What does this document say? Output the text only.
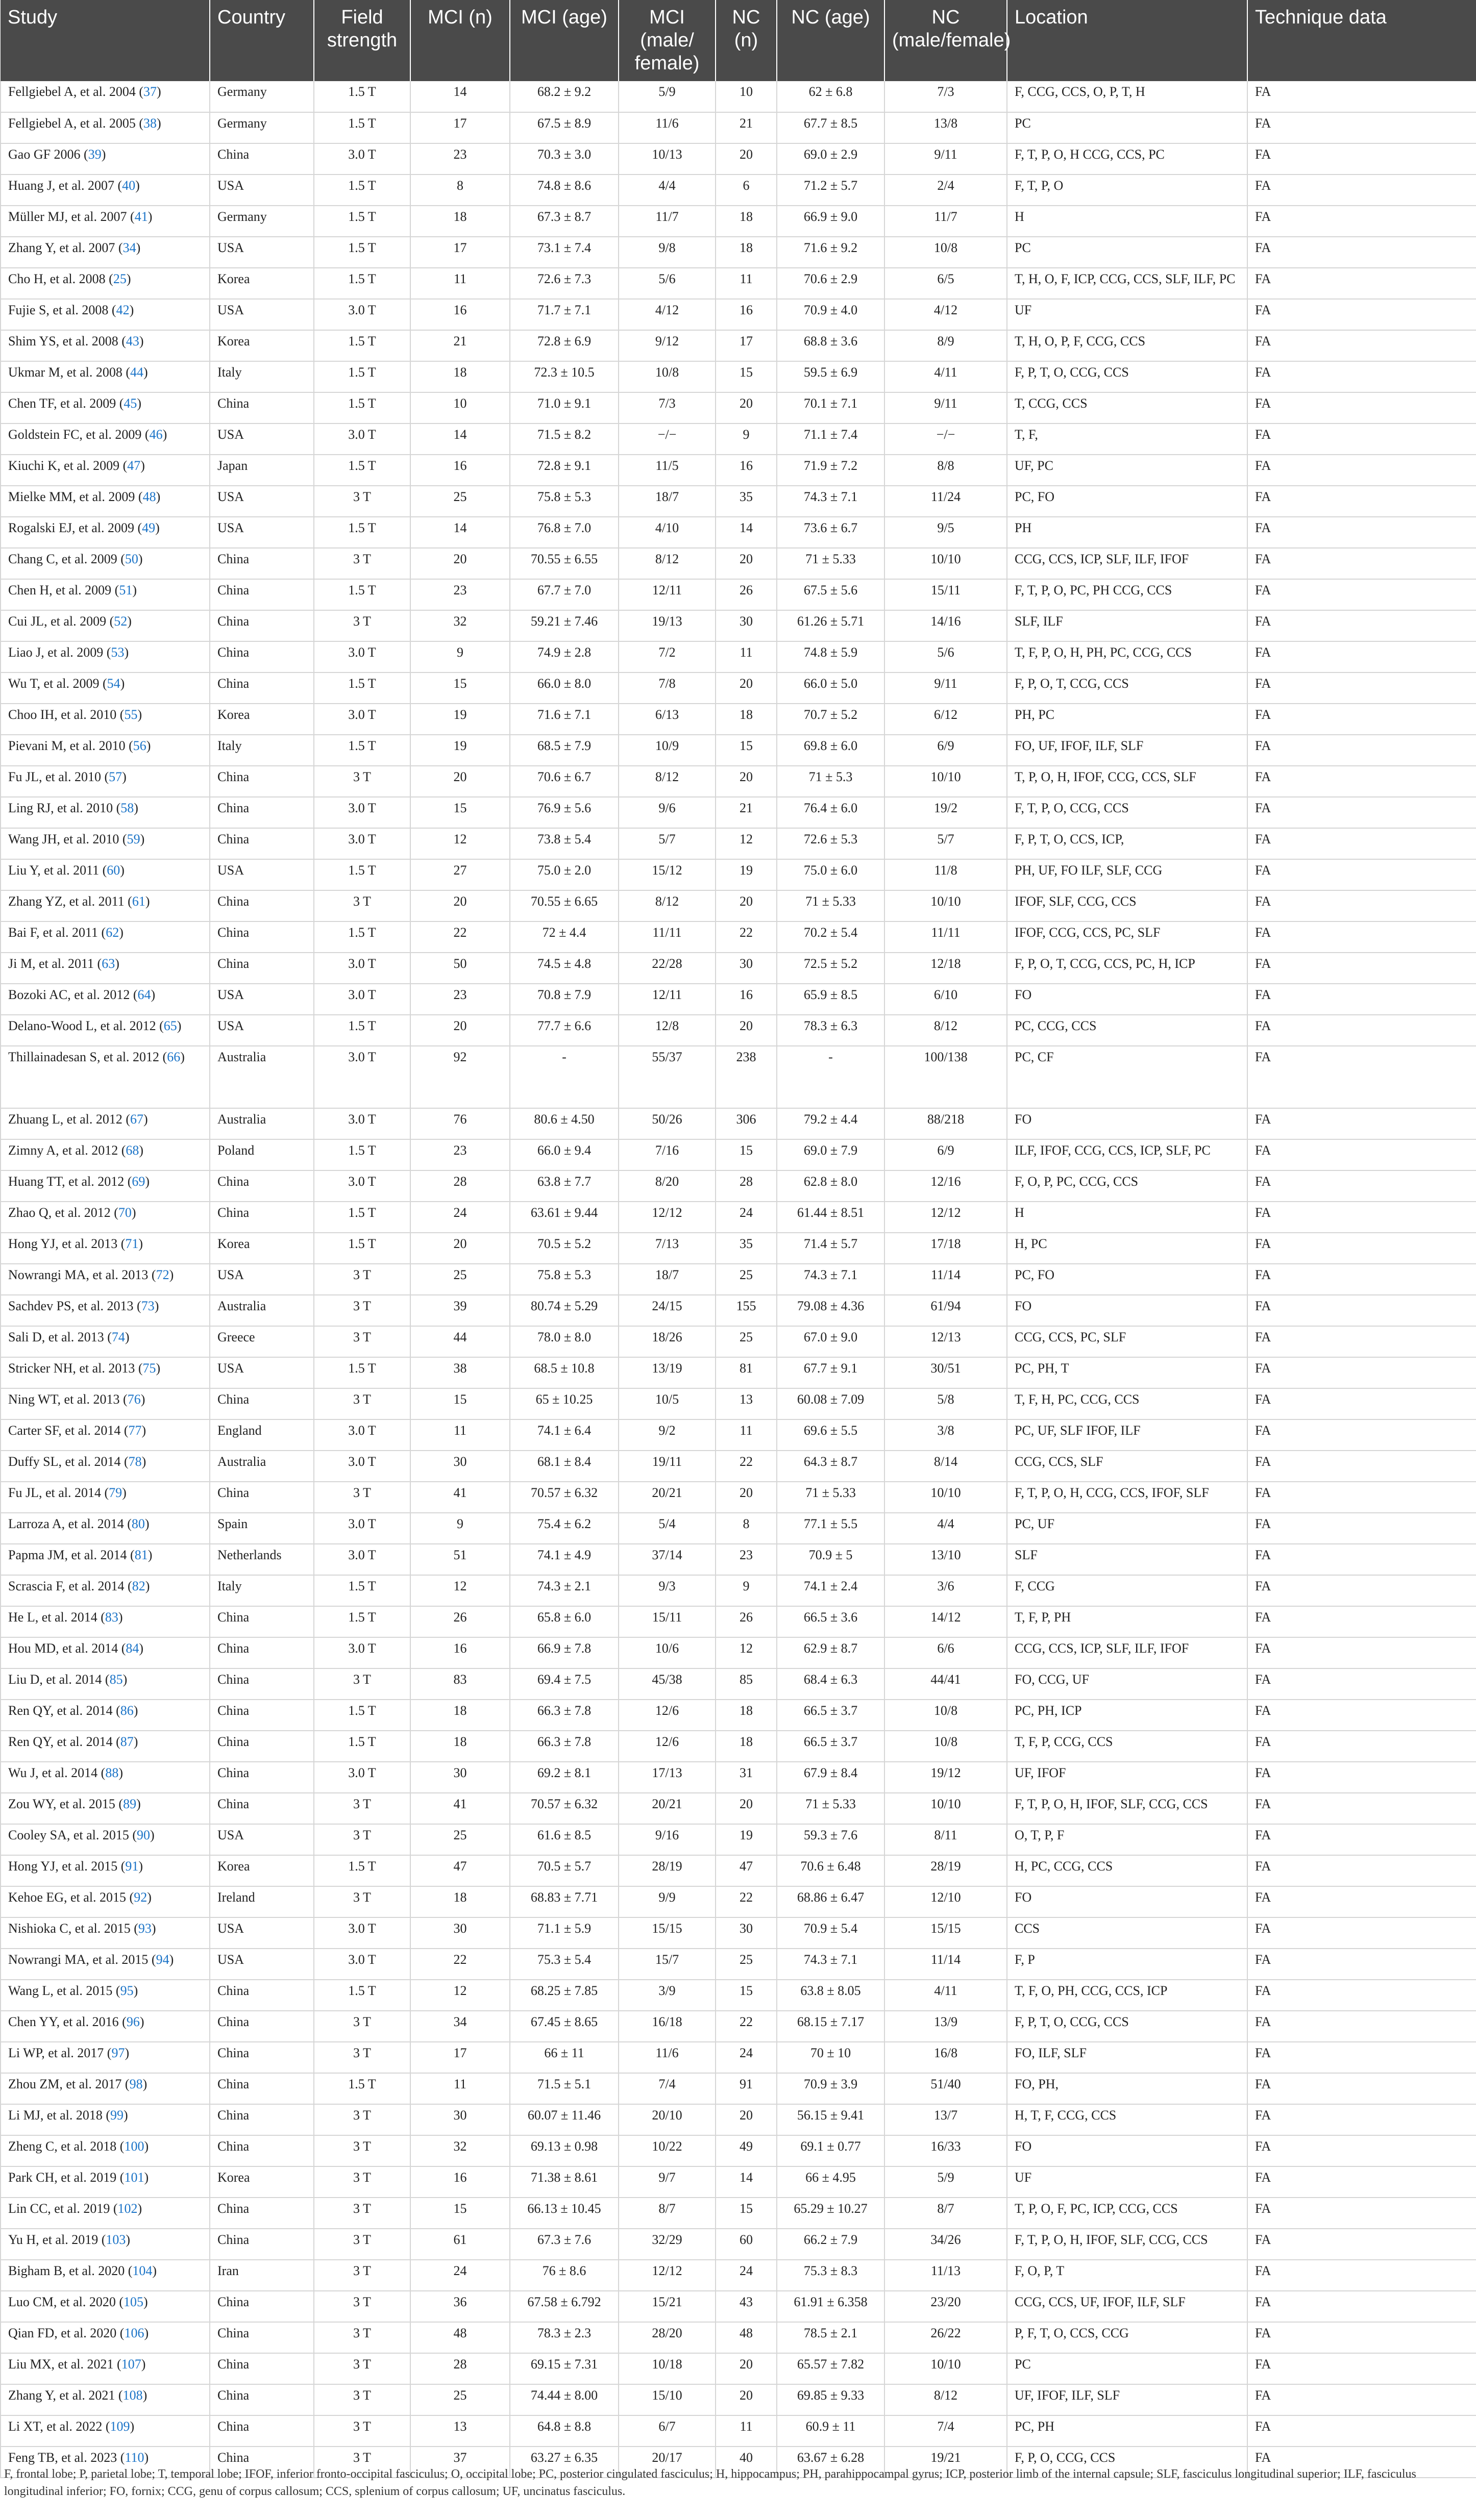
Study	Country	Field strength	MCI (n)	MCI (age)	MCI (male/ female)	NC (n)	NC (age)	NC (male/female)	Location	Technique data
Fellgiebel A, et al. 2004 (37)	Germany	1.5 T	14	68.2 ± 9.2	5/9	10	62 ± 6.8	7/3	F, CCG, CCS, O, P, T, H	FA
Fellgiebel A, et al. 2005 (38)	Germany	1.5 T	17	67.5 ± 8.9	11/6	21	67.7 ± 8.5	13/8	PC	FA
Gao GF 2006 (39)	China	3.0 T	23	70.3 ± 3.0	10/13	20	69.0 ± 2.9	9/11	F, T, P, O, H CCG, CCS, PC	FA
Huang J, et al. 2007 (40)	USA	1.5 T	8	74.8 ± 8.6	4/4	6	71.2 ± 5.7	2/4	F, T, P, O	FA
Müller MJ, et al. 2007 (41)	Germany	1.5 T	18	67.3 ± 8.7	11/7	18	66.9 ± 9.0	11/7	H	FA
Zhang Y, et al. 2007 (34)	USA	1.5 T	17	73.1 ± 7.4	9/8	18	71.6 ± 9.2	10/8	PC	FA
Cho H, et al. 2008 (25)	Korea	1.5 T	11	72.6 ± 7.3	5/6	11	70.6 ± 2.9	6/5	T, H, O, F, ICP, CCG, CCS, SLF, ILF, PC	FA
Fujie S, et al. 2008 (42)	USA	3.0 T	16	71.7 ± 7.1	4/12	16	70.9 ± 4.0	4/12	UF	FA
Shim YS, et al. 2008 (43)	Korea	1.5 T	21	72.8 ± 6.9	9/12	17	68.8 ± 3.6	8/9	T, H, O, P, F, CCG, CCS	FA
Ukmar M, et al. 2008 (44)	Italy	1.5 T	18	72.3 ± 10.5	10/8	15	59.5 ± 6.9	4/11	F, P, T, O, CCG, CCS	FA
Chen TF, et al. 2009 (45)	China	1.5 T	10	71.0 ± 9.1	7/3	20	70.1 ± 7.1	9/11	T, CCG, CCS	FA
Goldstein FC, et al. 2009 (46)	USA	3.0 T	14	71.5 ± 8.2	−/−	9	71.1 ± 7.4	−/−	T, F,	FA
Kiuchi K, et al. 2009 (47)	Japan	1.5 T	16	72.8 ± 9.1	11/5	16	71.9 ± 7.2	8/8	UF, PC	FA
Mielke MM, et al. 2009 (48)	USA	3 T	25	75.8 ± 5.3	18/7	35	74.3 ± 7.1	11/24	PC, FO	FA
Rogalski EJ, et al. 2009 (49)	USA	1.5 T	14	76.8 ± 7.0	4/10	14	73.6 ± 6.7	9/5	PH	FA
Chang C, et al. 2009 (50)	China	3 T	20	70.55 ± 6.55	8/12	20	71 ± 5.33	10/10	CCG, CCS, ICP, SLF, ILF, IFOF	FA
Chen H, et al. 2009 (51)	China	1.5 T	23	67.7 ± 7.0	12/11	26	67.5 ± 5.6	15/11	F, T, P, O, PC, PH CCG, CCS	FA
Cui JL, et al. 2009 (52)	China	3 T	32	59.21 ± 7.46	19/13	30	61.26 ± 5.71	14/16	SLF, ILF	FA
Liao J, et al. 2009 (53)	China	3.0 T	9	74.9 ± 2.8	7/2	11	74.8 ± 5.9	5/6	T, F, P, O, H, PH, PC, CCG, CCS	FA
Wu T, et al. 2009 (54)	China	1.5 T	15	66.0 ± 8.0	7/8	20	66.0 ± 5.0	9/11	F, P, O, T, CCG, CCS	FA
Choo IH, et al. 2010 (55)	Korea	3.0 T	19	71.6 ± 7.1	6/13	18	70.7 ± 5.2	6/12	PH, PC	FA
Pievani M, et al. 2010 (56)	Italy	1.5 T	19	68.5 ± 7.9	10/9	15	69.8 ± 6.0	6/9	FO, UF, IFOF, ILF, SLF	FA
Fu JL, et al. 2010 (57)	China	3 T	20	70.6 ± 6.7	8/12	20	71 ± 5.3	10/10	T, P, O, H, IFOF, CCG, CCS, SLF	FA
Ling RJ, et al. 2010 (58)	China	3.0 T	15	76.9 ± 5.6	9/6	21	76.4 ± 6.0	19/2	F, T, P, O, CCG, CCS	FA
Wang JH, et al. 2010 (59)	China	3.0 T	12	73.8 ± 5.4	5/7	12	72.6 ± 5.3	5/7	F, P, T, O, CCS, ICP,	FA
Liu Y, et al. 2011 (60)	USA	1.5 T	27	75.0 ± 2.0	15/12	19	75.0 ± 6.0	11/8	PH, UF, FO ILF, SLF, CCG	FA
Zhang YZ, et al. 2011 (61)	China	3 T	20	70.55 ± 6.65	8/12	20	71 ± 5.33	10/10	IFOF, SLF, CCG, CCS	FA
Bai F, et al. 2011 (62)	China	1.5 T	22	72 ± 4.4	11/11	22	70.2 ± 5.4	11/11	IFOF, CCG, CCS, PC, SLF	FA
Ji M, et al. 2011 (63)	China	3.0 T	50	74.5 ± 4.8	22/28	30	72.5 ± 5.2	12/18	F, P, O, T, CCG, CCS, PC, H, ICP	FA
Bozoki AC, et al. 2012 (64)	USA	3.0 T	23	70.8 ± 7.9	12/11	16	65.9 ± 8.5	6/10	FO	FA
Delano-Wood L, et al. 2012 (65)	USA	1.5 T	20	77.7 ± 6.6	12/8	20	78.3 ± 6.3	8/12	PC, CCG, CCS	FA
Thillainadesan S, et al. 2012 (66)	Australia	3.0 T	92	-	55/37	238	-	100/138	PC, CF	FA
Zhuang L, et al. 2012 (67)	Australia	3.0 T	76	80.6 ± 4.50	50/26	306	79.2 ± 4.4	88/218	FO	FA
Zimny A, et al. 2012 (68)	Poland	1.5 T	23	66.0 ± 9.4	7/16	15	69.0 ± 7.9	6/9	ILF, IFOF, CCG, CCS, ICP, SLF, PC	FA
Huang TT, et al. 2012 (69)	China	3.0 T	28	63.8 ± 7.7	8/20	28	62.8 ± 8.0	12/16	F, O, P, PC, CCG, CCS	FA
Zhao Q, et al. 2012 (70)	China	1.5 T	24	63.61 ± 9.44	12/12	24	61.44 ± 8.51	12/12	H	FA
Hong YJ, et al. 2013 (71)	Korea	1.5 T	20	70.5 ± 5.2	7/13	35	71.4 ± 5.7	17/18	H, PC	FA
Nowrangi MA, et al. 2013 (72)	USA	3 T	25	75.8 ± 5.3	18/7	25	74.3 ± 7.1	11/14	PC, FO	FA
Sachdev PS, et al. 2013 (73)	Australia	3 T	39	80.74 ± 5.29	24/15	155	79.08 ± 4.36	61/94	FO	FA
Sali D, et al. 2013 (74)	Greece	3 T	44	78.0 ± 8.0	18/26	25	67.0 ± 9.0	12/13	CCG, CCS, PC, SLF	FA
Stricker NH, et al. 2013 (75)	USA	1.5 T	38	68.5 ± 10.8	13/19	81	67.7 ± 9.1	30/51	PC, PH, T	FA
Ning WT, et al. 2013 (76)	China	3 T	15	65 ± 10.25	10/5	13	60.08 ± 7.09	5/8	T, F, H, PC, CCG, CCS	FA
Carter SF, et al. 2014 (77)	England	3.0 T	11	74.1 ± 6.4	9/2	11	69.6 ± 5.5	3/8	PC, UF, SLF IFOF, ILF	FA
Duffy SL, et al. 2014 (78)	Australia	3.0 T	30	68.1 ± 8.4	19/11	22	64.3 ± 8.7	8/14	CCG, CCS, SLF	FA
Fu JL, et al. 2014 (79)	China	3 T	41	70.57 ± 6.32	20/21	20	71 ± 5.33	10/10	F, T, P, O, H, CCG, CCS, IFOF, SLF	FA
Larroza A, et al. 2014 (80)	Spain	3.0 T	9	75.4 ± 6.2	5/4	8	77.1 ± 5.5	4/4	PC, UF	FA
Papma JM, et al. 2014 (81)	Netherlands	3.0 T	51	74.1 ± 4.9	37/14	23	70.9 ± 5	13/10	SLF	FA
Scrascia F, et al. 2014 (82)	Italy	1.5 T	12	74.3 ± 2.1	9/3	9	74.1 ± 2.4	3/6	F, CCG	FA
He L, et al. 2014 (83)	China	1.5 T	26	65.8 ± 6.0	15/11	26	66.5 ± 3.6	14/12	T, F, P, PH	FA
Hou MD, et al. 2014 (84)	China	3.0 T	16	66.9 ± 7.8	10/6	12	62.9 ± 8.7	6/6	CCG, CCS, ICP, SLF, ILF, IFOF	FA
Liu D, et al. 2014 (85)	China	3 T	83	69.4 ± 7.5	45/38	85	68.4 ± 6.3	44/41	FO, CCG, UF	FA
Ren QY, et al. 2014 (86)	China	1.5 T	18	66.3 ± 7.8	12/6	18	66.5 ± 3.7	10/8	PC, PH, ICP	FA
Ren QY, et al. 2014 (87)	China	1.5 T	18	66.3 ± 7.8	12/6	18	66.5 ± 3.7	10/8	T, F, P, CCG, CCS	FA
Wu J, et al. 2014 (88)	China	3.0 T	30	69.2 ± 8.1	17/13	31	67.9 ± 8.4	19/12	UF, IFOF	FA
Zou WY, et al. 2015 (89)	China	3 T	41	70.57 ± 6.32	20/21	20	71 ± 5.33	10/10	F, T, P, O, H, IFOF, SLF, CCG, CCS	FA
Cooley SA, et al. 2015 (90)	USA	3 T	25	61.6 ± 8.5	9/16	19	59.3 ± 7.6	8/11	O, T, P, F	FA
Hong YJ, et al. 2015 (91)	Korea	1.5 T	47	70.5 ± 5.7	28/19	47	70.6 ± 6.48	28/19	H, PC, CCG, CCS	FA
Kehoe EG, et al. 2015 (92)	Ireland	3 T	18	68.83 ± 7.71	9/9	22	68.86 ± 6.47	12/10	FO	FA
Nishioka C, et al. 2015 (93)	USA	3.0 T	30	71.1 ± 5.9	15/15	30	70.9 ± 5.4	15/15	CCS	FA
Nowrangi MA, et al. 2015 (94)	USA	3.0 T	22	75.3 ± 5.4	15/7	25	74.3 ± 7.1	11/14	F, P	FA
Wang L, et al. 2015 (95)	China	1.5 T	12	68.25 ± 7.85	3/9	15	63.8 ± 8.05	4/11	T, F, O, PH, CCG, CCS, ICP	FA
Chen YY, et al. 2016 (96)	China	3 T	34	67.45 ± 8.65	16/18	22	68.15 ± 7.17	13/9	F, P, T, O, CCG, CCS	FA
Li WP, et al. 2017 (97)	China	3 T	17	66 ± 11	11/6	24	70 ± 10	16/8	FO, ILF, SLF	FA
Zhou ZM, et al. 2017 (98)	China	1.5 T	11	71.5 ± 5.1	7/4	91	70.9 ± 3.9	51/40	FO, PH,	FA
Li MJ, et al. 2018 (99)	China	3 T	30	60.07 ± 11.46	20/10	20	56.15 ± 9.41	13/7	H, T, F, CCG, CCS	FA
Zheng C, et al. 2018 (100)	China	3 T	32	69.13 ± 0.98	10/22	49	69.1 ± 0.77	16/33	FO	FA
Park CH, et al. 2019 (101)	Korea	3 T	16	71.38 ± 8.61	9/7	14	66 ± 4.95	5/9	UF	FA
Lin CC, et al. 2019 (102)	China	3 T	15	66.13 ± 10.45	8/7	15	65.29 ± 10.27	8/7	T, P, O, F, PC, ICP, CCG, CCS	FA
Yu H, et al. 2019 (103)	China	3 T	61	67.3 ± 7.6	32/29	60	66.2 ± 7.9	34/26	F, T, P, O, H, IFOF, SLF, CCG, CCS	FA
Bigham B, et al. 2020 (104)	Iran	3 T	24	76 ± 8.6	12/12	24	75.3 ± 8.3	11/13	F, O, P, T	FA
Luo CM, et al. 2020 (105)	China	3 T	36	67.58 ± 6.792	15/21	43	61.91 ± 6.358	23/20	CCG, CCS, UF, IFOF, ILF, SLF	FA
Qian FD, et al. 2020 (106)	China	3 T	48	78.3 ± 2.3	28/20	48	78.5 ± 2.1	26/22	P, F, T, O, CCS, CCG	FA
Liu MX, et al. 2021 (107)	China	3 T	28	69.15 ± 7.31	10/18	20	65.57 ± 7.82	10/10	PC	FA
Zhang Y, et al. 2021 (108)	China	3 T	25	74.44 ± 8.00	15/10	20	69.85 ± 9.33	8/12	UF, IFOF, ILF, SLF	FA
Li XT, et al. 2022 (109)	China	3 T	13	64.8 ± 8.8	6/7	11	60.9 ± 11	7/4	PC, PH	FA
Feng TB, et al. 2023 (110)	China	3 T	37	63.27 ± 6.35	20/17	40	63.67 ± 6.28	19/21	F, P, O, CCG, CCS	FA
F, frontal lobe; P, parietal lobe; T, temporal lobe; IFOF, inferior fronto-occipital fasciculus; O, occipital lobe; PC, posterior cingulated fasciculus; H, hippocampus; PH, parahippocampal gyrus; ICP, posterior limb of the internal capsule; SLF, fasciculus longitudinal superior; ILF, fasciculus longitudinal inferior; FO, fornix; CCG, genu of corpus callosum; CCS, splenium of corpus callosum; UF, uncinatus fasciculus.
